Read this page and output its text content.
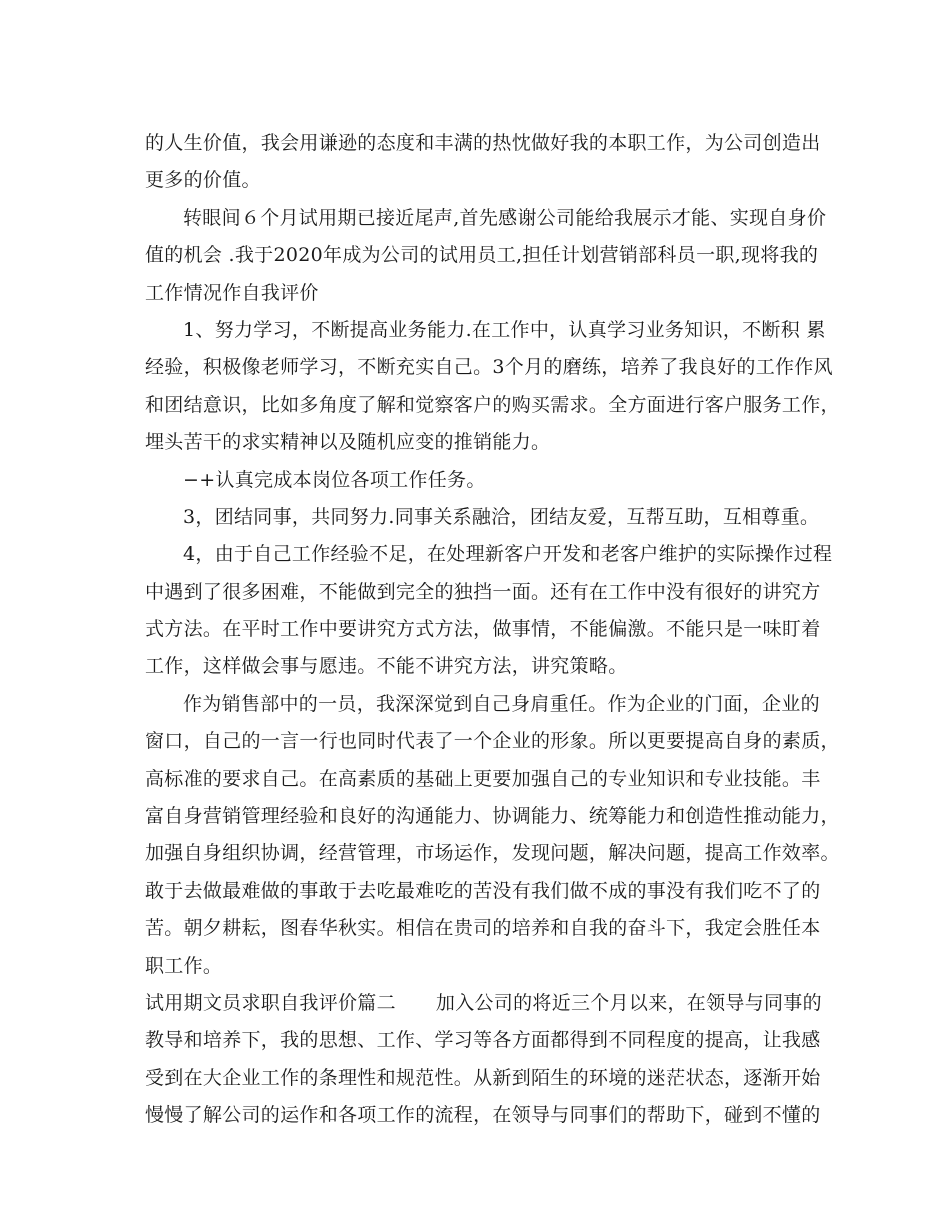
的人生价值，我会用谦逊的态度和丰满的热忱做好我的本职工作，为公司创造出
更多的价值。
转眼间６个月试用期已接近尾声,首先感谢公司能给我展示才能、实现自身价
值的机会 .我于2020年成为公司的试用员工,担任计划营销部科员一职,现将我的
工作情况作自我评价
1、努力学习，不断提高业务能力.在工作中，认真学习业务知识，不断积 累
经验，积极像老师学习，不断充实自己。3个月的磨练，培养了我良好的工作作风
和团结意识，比如多角度了解和觉察客户的购买需求。全方面进行客户服务工作，
埋头苦干的求实精神以及随机应变的推销能力。
−+认真完成本岗位各项工作任务。
3，团结同事，共同努力.同事关系融洽，团结友爱，互帮互助，互相尊重。
4，由于自己工作经验不足，在处理新客户开发和老客户维护的实际操作过程
中遇到了很多困难，不能做到完全的独挡一面。还有在工作中没有很好的讲究方
式方法。在平时工作中要讲究方式方法，做事情，不能偏激。不能只是一味盯着
工作，这样做会事与愿违。不能不讲究方法，讲究策略。
作为销售部中的一员，我深深觉到自己身肩重任。作为企业的门面，企业的
窗口，自己的一言一行也同时代表了一个企业的形象。所以更要提高自身的素质，
高标准的要求自己。在高素质的基础上更要加强自己的专业知识和专业技能。丰
富自身营销管理经验和良好的沟通能力、协调能力、统筹能力和创造性推动能力，
加强自身组织协调，经营管理，市场运作，发现问题，解决问题，提高工作效率。
敢于去做最难做的事敢于去吃最难吃的苦没有我们做不成的事没有我们吃不了的
苦。朝夕耕耘，图春华秋实。相信在贵司的培养和自我的奋斗下，我定会胜任本
职工作。
试用期文员求职自我评价篇二 加入公司的将近三个月以来，在领导与同事的
教导和培养下，我的思想、工作、学习等各方面都得到不同程度的提高，让我感
受到在大企业工作的条理性和规范性。从新到陌生的环境的迷茫状态，逐渐开始
慢慢了解公司的运作和各项工作的流程，在领导与同事们的帮助下，碰到不懂的
